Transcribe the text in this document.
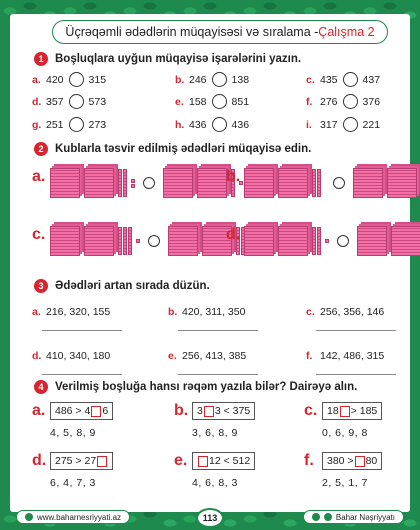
Üçrəqəmli ədədlərin müqayisəsi və sıralama - Çalışma 2
1	Boşluqlara uyğun müqayisə işarələrini yazın.
a. 420 315	b. 246 138	c. 435 437
d. 357 573	e. 158 851	f. 276 376
g. 251 273	h. 436 436	i. 317 221
2	Kublarla təsvir edilmiş ədədləri müqayisə edin.
a.	b.
c.	d.
3	Ədədləri artan sırada düzün.
a. 216, 320, 155	b. 420, 311, 350	c. 256, 356, 146
d. 410, 340, 180	e. 256, 413, 385	f. 142, 486, 315
4	Verilmiş boşluğa hansı rəqəm yazıla bilər? Dairəyə alın.
a. 486 > 4 6
4, 5, 8, 9
b. 3 3 < 375
3, 6, 8, 9
c. 18 > 185
0, 6, 9, 8
d. 275 > 27
6, 4, 7, 3
e. 12 < 512
4, 6, 8, 3
f.	380 > 80
2, 5, 1, 7
www.baharnesriyyati.az	113	Bahar Nəşriyyatı
